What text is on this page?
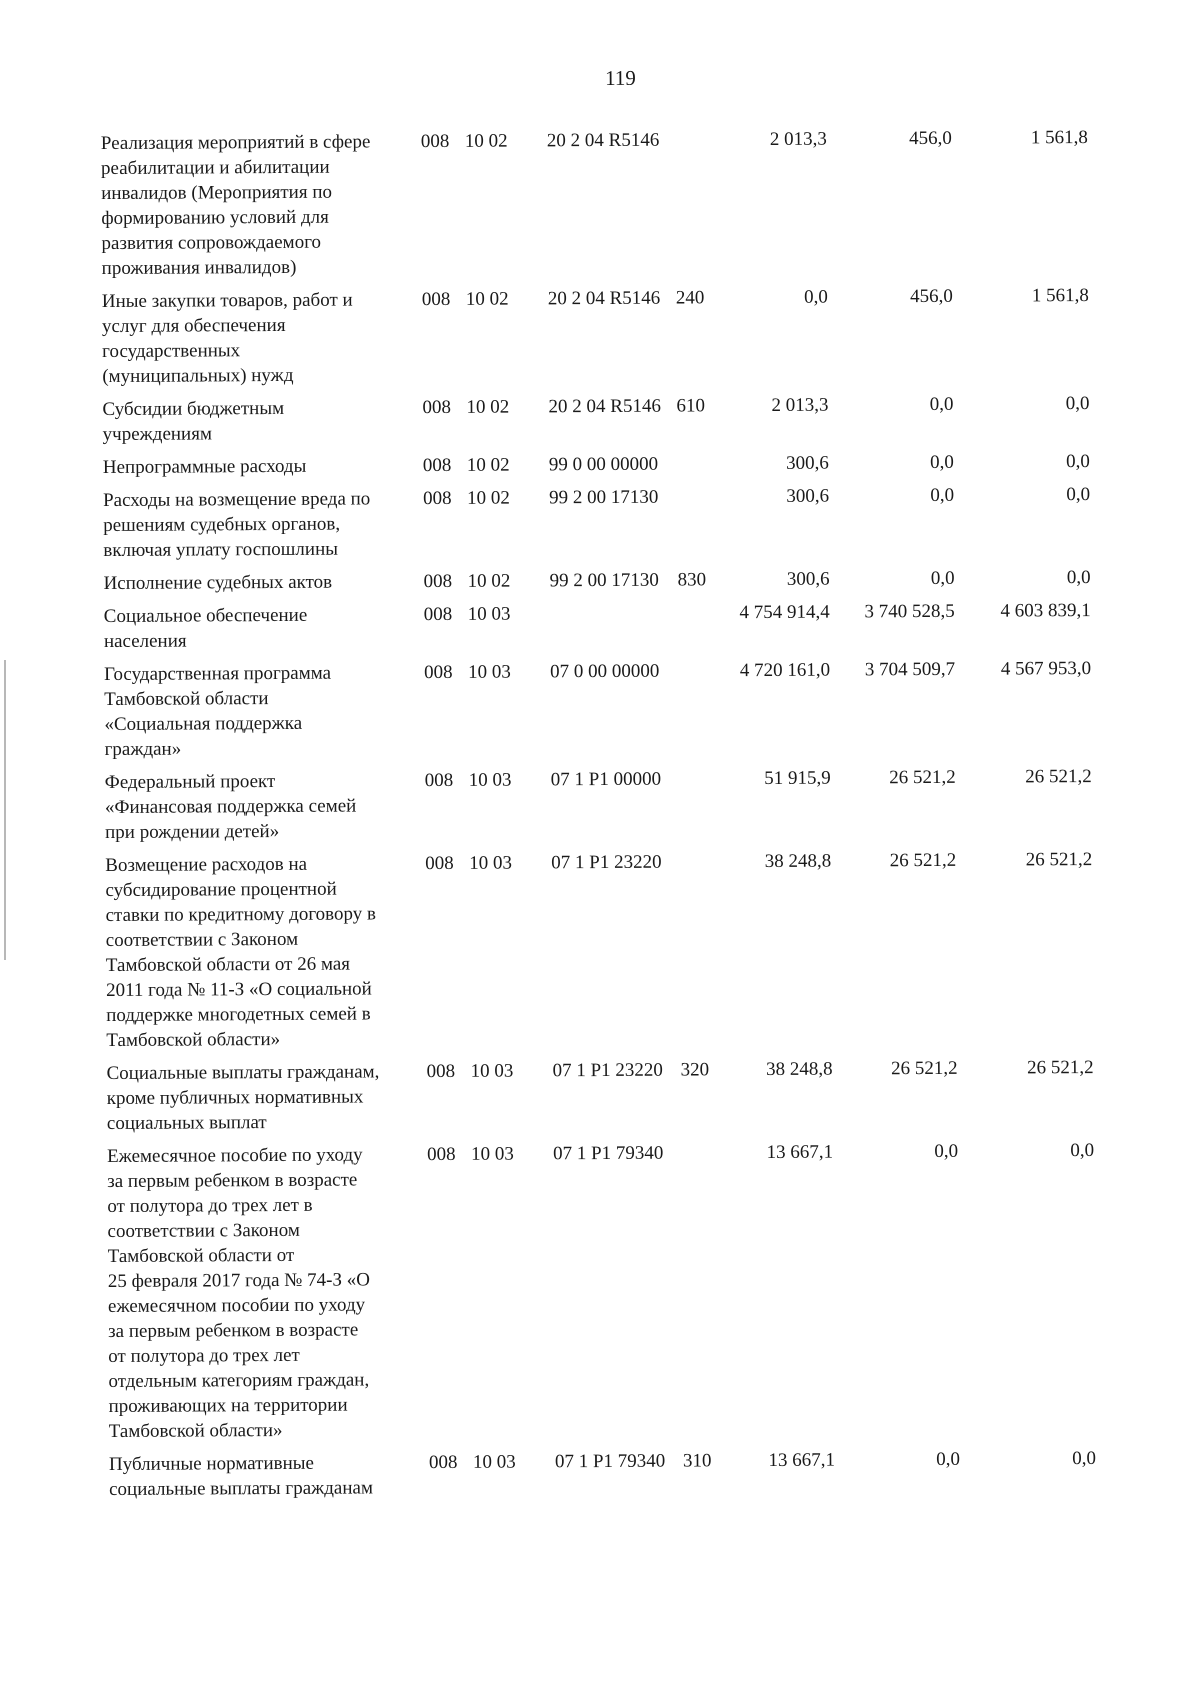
119
Реализация мероприятий в сфере
реабилитации и абилитации
инвалидов (Мероприятия по
формированию условий для
развития сопровождаемого
проживания инвалидов)
008 10 02	20 2 04 R5146	2 013,3	456,0	1 561,8
Иные закупки товаров, работ и
услуг для обеспечения
государственных
(муниципальных) нужд
008 10 02	20 2 04 R5146 240	0,0	456,0	1 561,8
Субсидии бюджетным
учреждениям
008 10 02	20 2 04 R5146 610	2 013,3	0,0	0,0
Непрограммные расходы	008 10 02	99 0 00 00000	300,6	0,0	0,0
Расходы на возмещение вреда по
решениям судебных органов,
включая уплату госпошлины
008 10 02	99 2 00 17130	300,6	0,0	0,0
Исполнение судебных актов	008 10 02	99 2 00 17130 830	300,6	0,0	0,0
Социальное обеспечение
населения
008 10 03	4 754 914,4	3 740 528,5	4 603 839,1
Государственная программа
Тамбовской области
«Социальная поддержка
граждан»
008 10 03	07 0 00 00000	4 720 161,0	3 704 509,7	4 567 953,0
Федеральный проект
«Финансовая поддержка семей
при рождении детей»
008 10 03	07 1 Р1 00000	51 915,9	26 521,2	26 521,2
Возмещение расходов на
субсидирование процентной
ставки по кредитному договору в
соответствии с Законом
Тамбовской области от 26 мая
2011 года № 11-З «О социальной
поддержке многодетных семей в
Тамбовской области»
008 10 03	07 1 Р1 23220	38 248,8	26 521,2	26 521,2
Социальные выплаты гражданам,
кроме публичных нормативных
социальных выплат
008 10 03	07 1 Р1 23220 320	38 248,8	26 521,2	26 521,2
Ежемесячное пособие по уходу
за первым ребенком в возрасте
от полутора до трех лет в
соответствии с Законом
Тамбовской области от
25 февраля 2017 года № 74-З «О
ежемесячном пособии по уходу
за первым ребенком в возрасте
от полутора до трех лет
отдельным категориям граждан,
проживающих на территории
Тамбовской области»
008 10 03	07 1 Р1 79340	13 667,1	0,0	0,0
Публичные нормативные
социальные выплаты гражданам
008 10 03	07 1 Р1 79340 310	13 667,1	0,0	0,0
